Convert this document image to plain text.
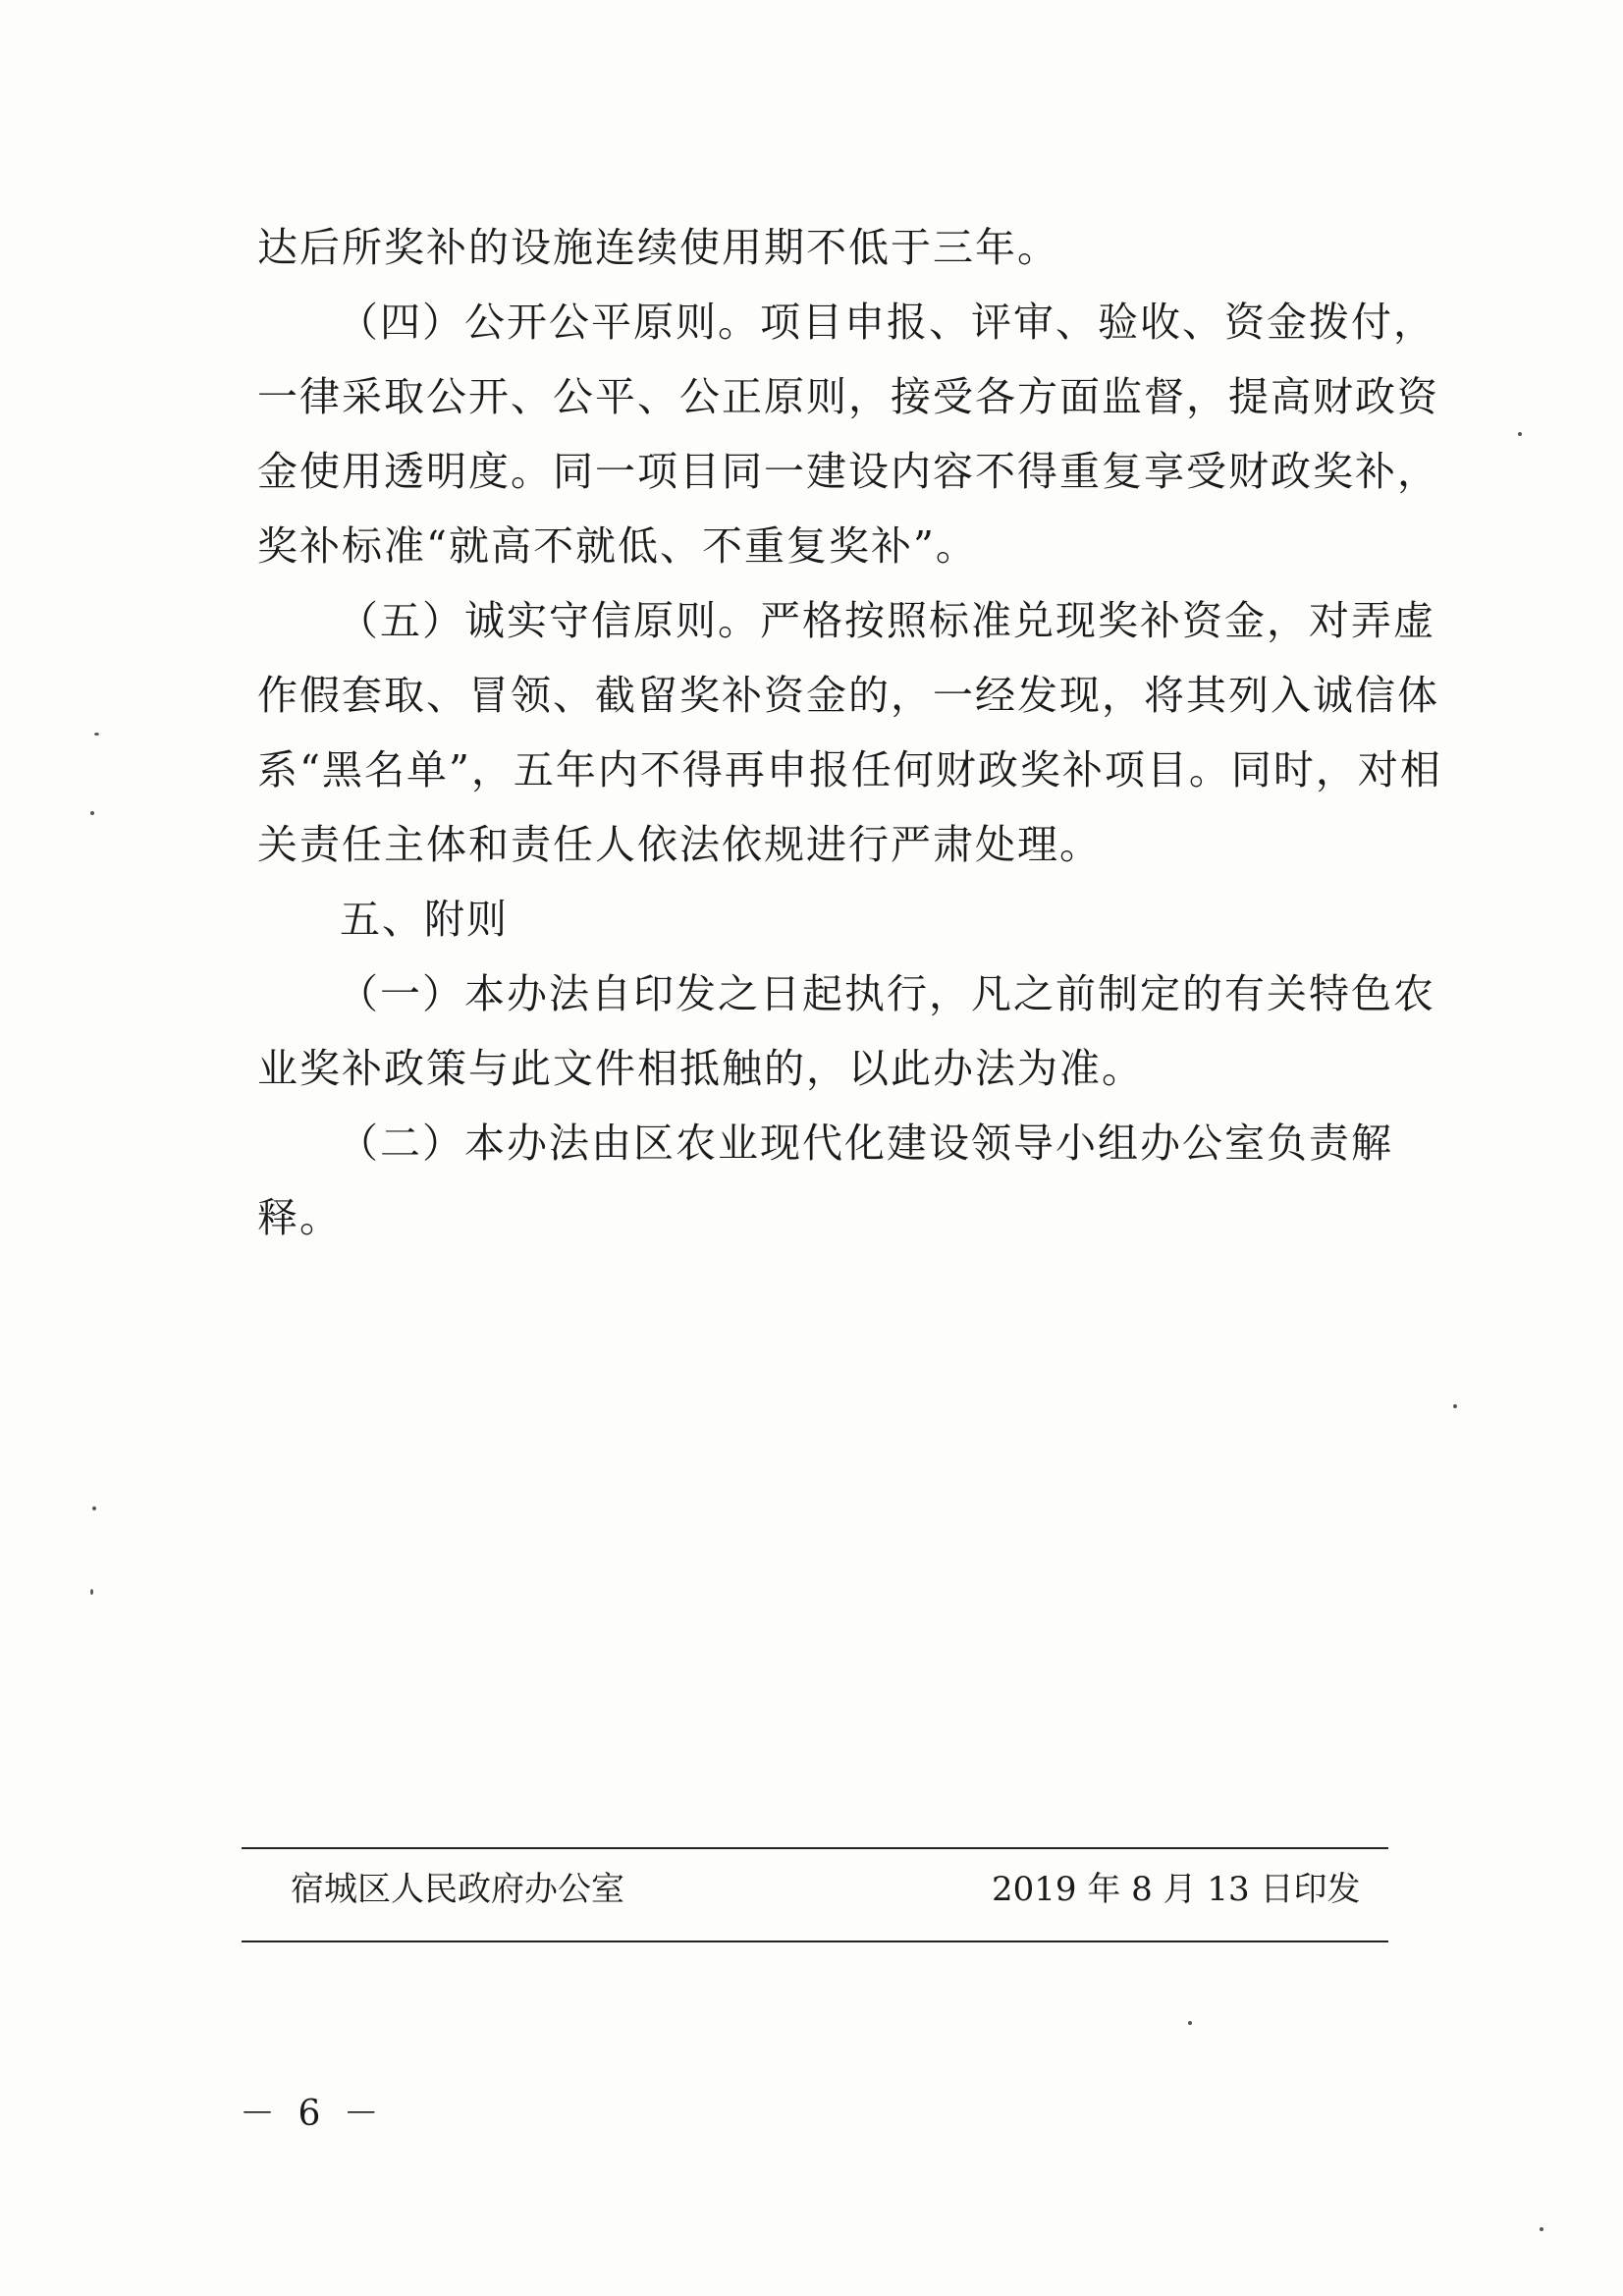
达后所奖补的设施连续使用期不低于三年。
（四）公开公平原则。项目申报、评审、验收、资金拨付，
一律采取公开、公平、公正原则，接受各方面监督，提高财政资
金使用透明度。同一项目同一建设内容不得重复享受财政奖补，
奖补标准“就高不就低、不重复奖补”。
（五）诚实守信原则。严格按照标准兑现奖补资金，对弄虚
作假套取、冒领、截留奖补资金的，一经发现，将其列入诚信体
系“黑名单”，五年内不得再申报任何财政奖补项目。同时，对相
关责任主体和责任人依法依规进行严肃处理。
五、附则
（一）本办法自印发之日起执行，凡之前制定的有关特色农
业奖补政策与此文件相抵触的，以此办法为准。
（二）本办法由区农业现代化建设领导小组办公室负责解
释。
宿城区人民政府办公室	2019 年 8 月 13 日印发
－ 6 －
